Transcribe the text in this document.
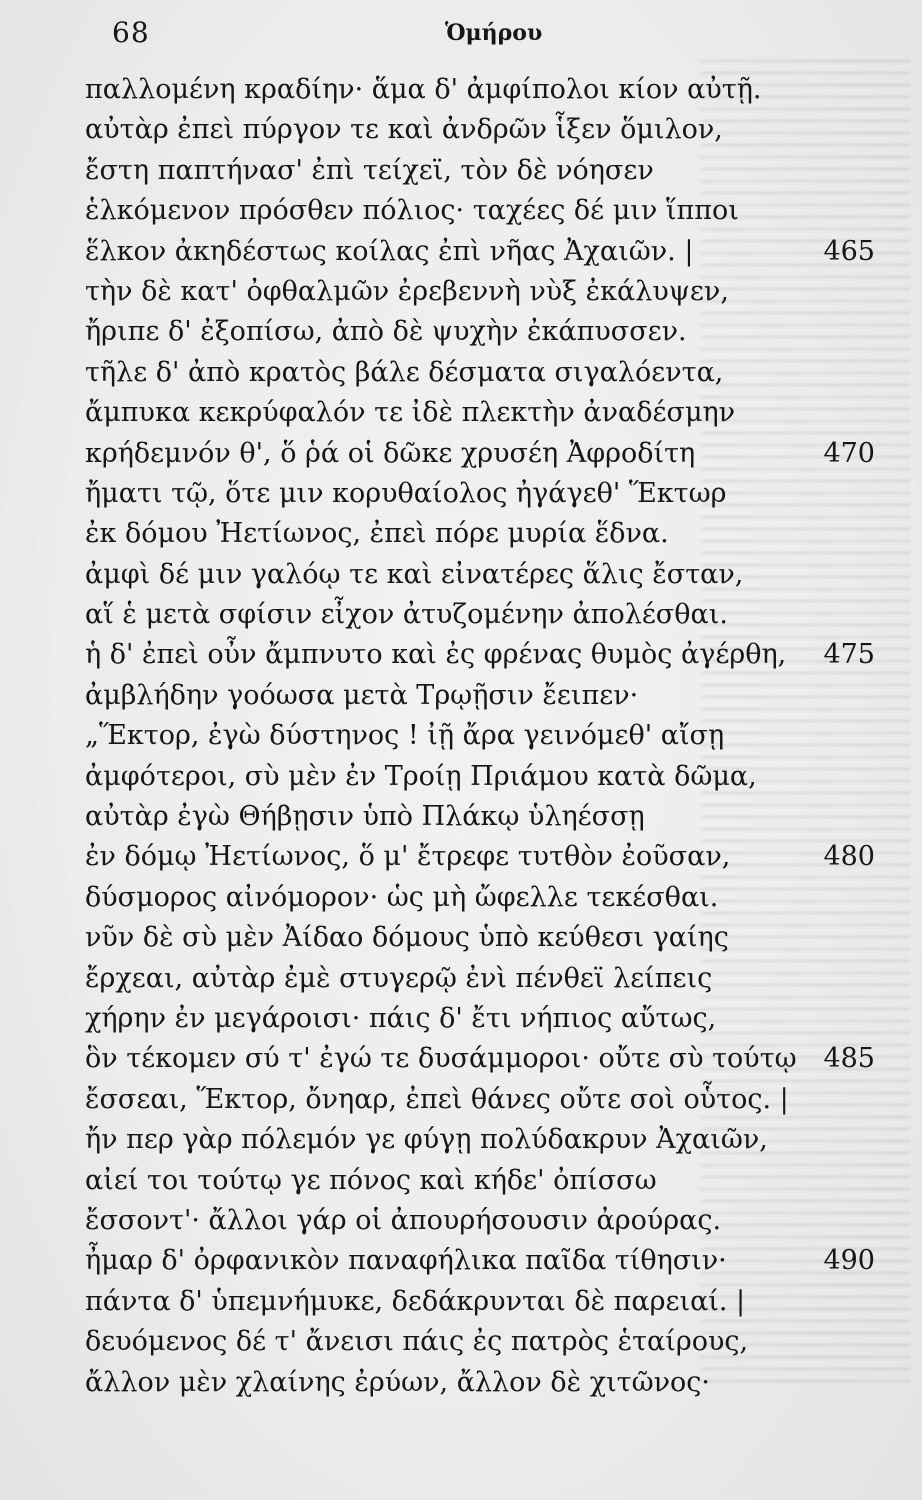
68	Ὁμήρου
παλλομένη κραδίην· ἅμα δ' ἀμφίπολοι κίον αὐτῇ.
αὐτὰρ ἐπεὶ πύργον τε καὶ ἀνδρῶν ἷξεν ὅμιλον,
ἔστη παπτήνασ' ἐπὶ τείχεϊ, τὸν δὲ νόησεν
ἑλκόμενον πρόσθεν πόλιος· ταχέες δέ μιν ἵπποι
ἕλκον ἀκηδέστως κοίλας ἐπὶ νῆας Ἀχαιῶν. |	465
τὴν δὲ κατ' ὀφθαλμῶν ἐρεβεννὴ νὺξ ἐκάλυψεν,
ἤριπε δ' ἐξοπίσω, ἀπὸ δὲ ψυχὴν ἐκάπυσσεν.
τῆλε δ' ἀπὸ κρατὸς βάλε δέσματα σιγαλόεντα,
ἄμπυκα κεκρύφαλόν τε ἰδὲ πλεκτὴν ἀναδέσμην
κρήδεμνόν θ', ὅ ῥά οἱ δῶκε χρυσέη Ἀφροδίτη	470
ἤματι τῷ, ὅτε μιν κορυθαίολος ἠγάγεθ' Ἕκτωρ
ἐκ δόμου Ἠετίωνος, ἐπεὶ πόρε μυρία ἕδνα.
ἀμφὶ δέ μιν γαλόῳ τε καὶ εἰνατέρες ἅλις ἔσταν,
αἵ ἑ μετὰ σφίσιν εἶχον ἀτυζομένην ἀπολέσθαι.
ἡ δ' ἐπεὶ οὖν ἄμπνυτο καὶ ἐς φρένας θυμὸς ἀγέρθη, 475
ἀμβλήδην γοόωσα μετὰ Τρῳῇσιν ἔειπεν·
„Ἕκτορ, ἐγὼ δύστηνος ! ἰῇ ἄρα γεινόμεθ' αἴσῃ
ἀμφότεροι, σὺ μὲν ἐν Τροίῃ Πριάμου κατὰ δῶμα,
αὐτὰρ ἐγὼ Θήβῃσιν ὑπὸ Πλάκῳ ὑληέσσῃ
ἐν δόμῳ Ἠετίωνος, ὅ μ' ἔτρεφε τυτθὸν ἐοῦσαν,	480
δύσμορος αἰνόμορον· ὡς μὴ ὤφελλε τεκέσθαι.
νῦν δὲ σὺ μὲν Ἀίδαο δόμους ὑπὸ κεύθεσι γαίης
ἔρχεαι, αὐτὰρ ἐμὲ στυγερῷ ἐνὶ πένθεϊ λείπεις
χήρην ἐν μεγάροισι· πάις δ' ἔτι νήπιος αὔτως,
ὃν τέκομεν σύ τ' ἐγώ τε δυσάμμοροι· οὔτε σὺ τούτῳ 485
ἔσσεαι, Ἕκτορ, ὄνηαρ, ἐπεὶ θάνες οὔτε σοὶ οὗτος. |
ἤν περ γὰρ πόλεμόν γε φύγῃ πολύδακρυν Ἀχαιῶν,
αἰεί τοι τούτῳ γε πόνος καὶ κήδε' ὀπίσσω
ἔσσοντ'· ἄλλοι γάρ οἱ ἀπουρήσουσιν ἀρούρας.
ἦμαρ δ' ὀρφανικὸν παναφήλικα παῖδα τίθησιν·	490
πάντα δ' ὑπεμνήμυκε, δεδάκρυνται δὲ παρειαί. |
δευόμενος δέ τ' ἄνεισι πάις ἐς πατρὸς ἑταίρους,
ἄλλον μὲν χλαίνης ἐρύων, ἄλλον δὲ χιτῶνος·
